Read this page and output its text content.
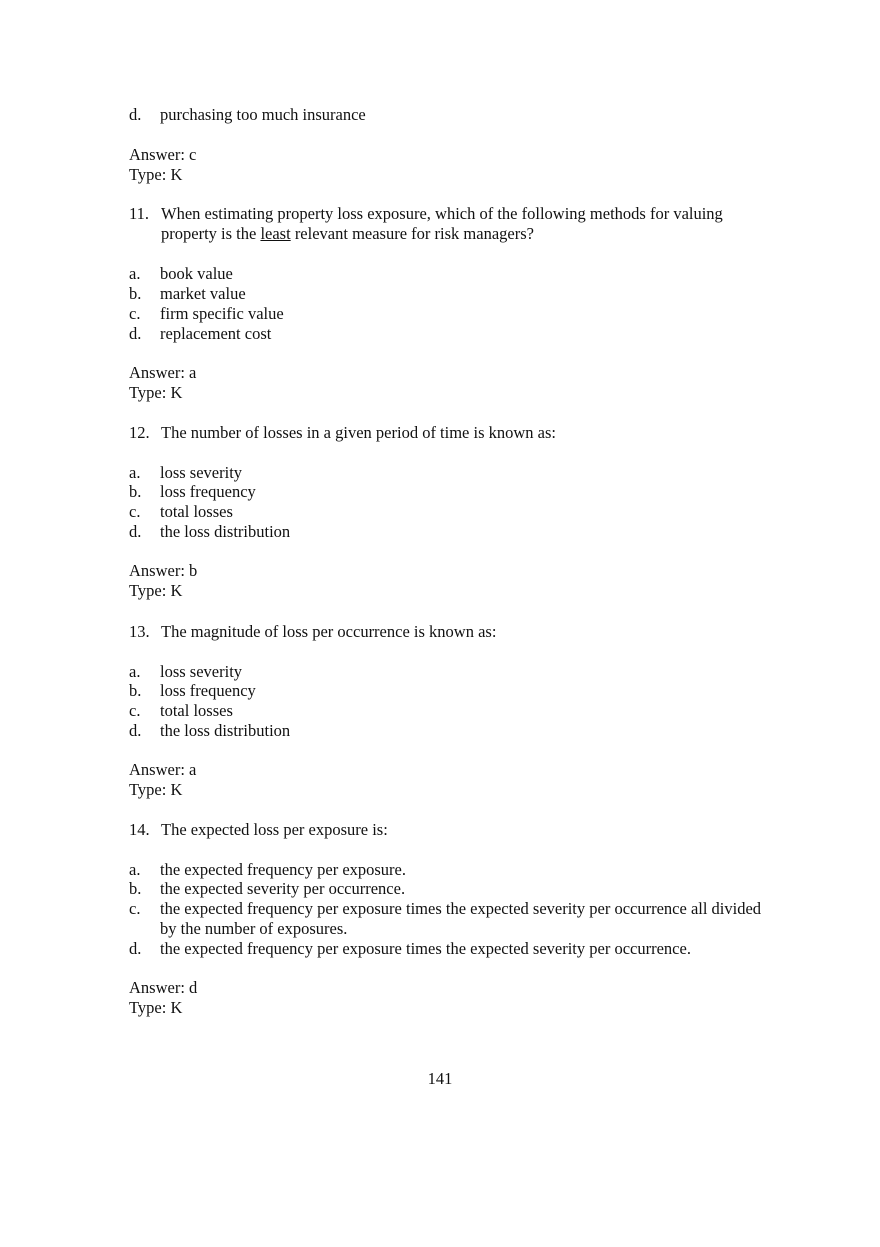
d. purchasing too much insurance
Answer: c
Type: K
11. When estimating property loss exposure, which of the following methods for valuing property is the least relevant measure for risk managers?
a. book value
b. market value
c. firm specific value
d. replacement cost
Answer: a
Type: K
12. The number of losses in a given period of time is known as:
a. loss severity
b. loss frequency
c. total losses
d. the loss distribution
Answer: b
Type: K
13. The magnitude of loss per occurrence is known as:
a. loss severity
b. loss frequency
c. total losses
d. the loss distribution
Answer: a
Type: K
14. The expected loss per exposure is:
a. the expected frequency per exposure.
b. the expected severity per occurrence.
c.	the expected frequency per exposure times the expected severity per occurrence all divided by the number of exposures.
d. the expected frequency per exposure times the expected severity per occurrence.
Answer: d
Type: K
141
